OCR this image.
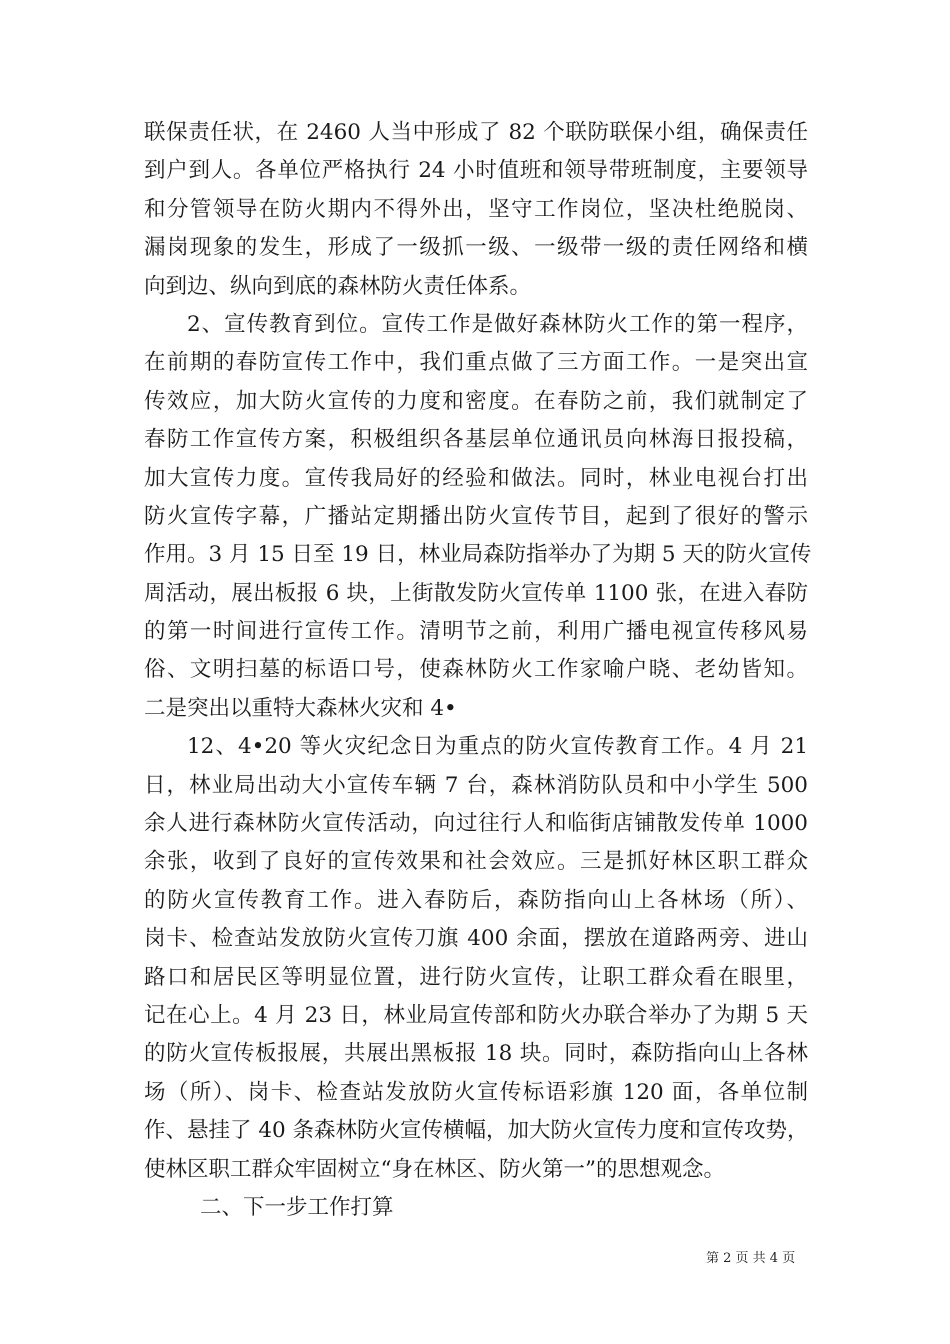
联保责任状，在 2460 人当中形成了 82 个联防联保小组，确保责任
到户到人。各单位严格执行 24 小时值班和领导带班制度，主要领导
和分管领导在防火期内不得外出，坚守工作岗位，坚决杜绝脱岗、
漏岗现象的发生，形成了一级抓一级、一级带一级的责任网络和横
向到边、纵向到底的森林防火责任体系。
2、宣传教育到位。宣传工作是做好森林防火工作的第一程序，
在前期的春防宣传工作中，我们重点做了三方面工作。一是突出宣
传效应，加大防火宣传的力度和密度。在春防之前，我们就制定了
春防工作宣传方案，积极组织各基层单位通讯员向林海日报投稿，
加大宣传力度。宣传我局好的经验和做法。同时，林业电视台打出
防火宣传字幕，广播站定期播出防火宣传节目，起到了很好的警示
作用。3 月 15 日至 19 日，林业局森防指举办了为期 5 天的防火宣传
周活动，展出板报 6 块，上街散发防火宣传单 1100 张，在进入春防
的第一时间进行宣传工作。清明节之前，利用广播电视宣传移风易
俗、文明扫墓的标语口号，使森林防火工作家喻户晓、老幼皆知。
二是突出以重特大森林火灾和 4•
12、4•20 等火灾纪念日为重点的防火宣传教育工作。4 月 21
日，林业局出动大小宣传车辆 7 台，森林消防队员和中小学生 500
余人进行森林防火宣传活动，向过往行人和临街店铺散发传单 1000
余张，收到了良好的宣传效果和社会效应。三是抓好林区职工群众
的防火宣传教育工作。进入春防后，森防指向山上各林场（所）、
岗卡、检查站发放防火宣传刀旗 400 余面，摆放在道路两旁、进山
路口和居民区等明显位置，进行防火宣传，让职工群众看在眼里，
记在心上。4 月 23 日，林业局宣传部和防火办联合举办了为期 5 天
的防火宣传板报展，共展出黑板报 18 块。同时，森防指向山上各林
场（所）、岗卡、检查站发放防火宣传标语彩旗 120 面，各单位制
作、悬挂了 40 条森林防火宣传横幅，加大防火宣传力度和宣传攻势，
使林区职工群众牢固树立“身在林区、防火第一”的思想观念。
二、下一步工作打算
第 2 页 共 4 页
